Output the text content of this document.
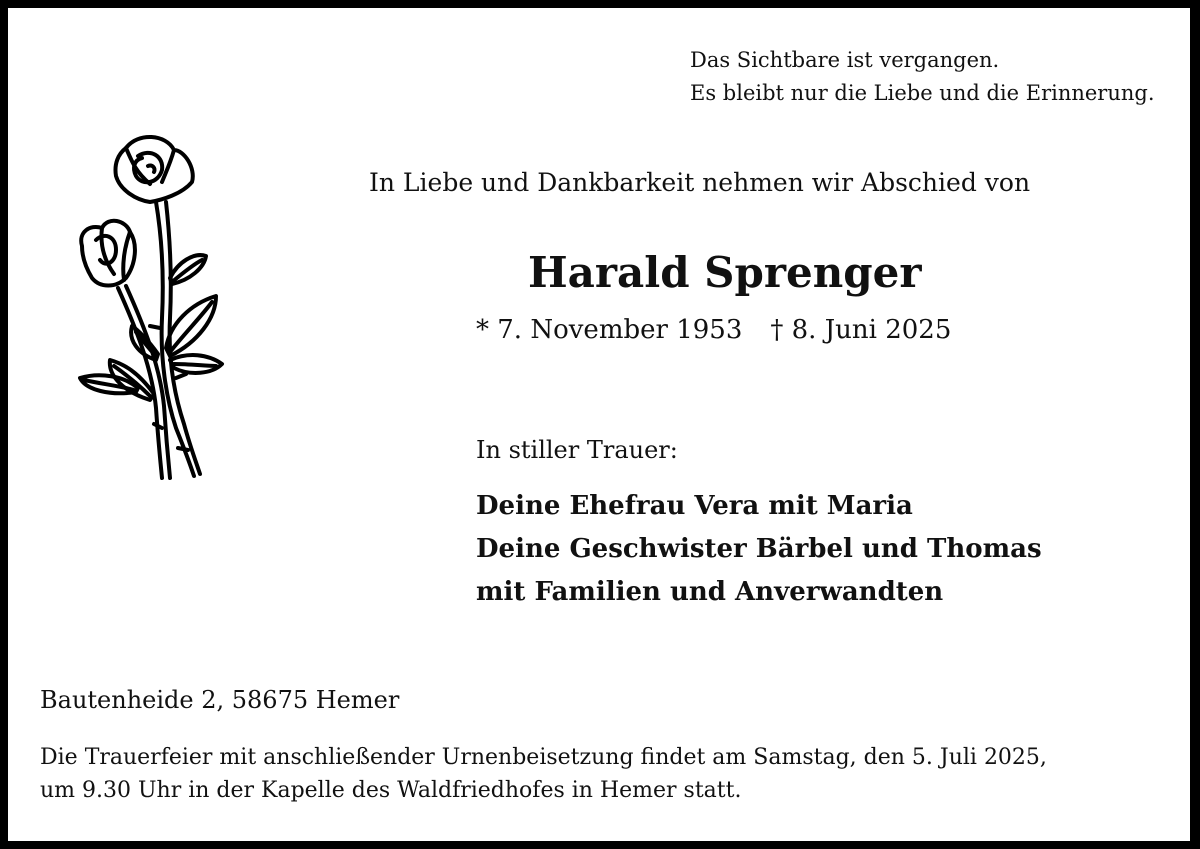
Das Sichtbare ist vergangen.
Es bleibt nur die Liebe und die Erinnerung.
In Liebe und Dankbarkeit nehmen wir Abschied von
Harald Sprenger
* 7. November 1953 † 8. Juni 2025
In stiller Trauer:
Deine Ehefrau Vera mit Maria
Deine Geschwister Bärbel und Thomas
mit Familien und Anverwandten
Bautenheide 2, 58675 Hemer
Die Trauerfeier mit anschließender Urnenbeisetzung findet am Samstag, den 5. Juli 2025,
um 9.30 Uhr in der Kapelle des Waldfriedhofes in Hemer statt.
